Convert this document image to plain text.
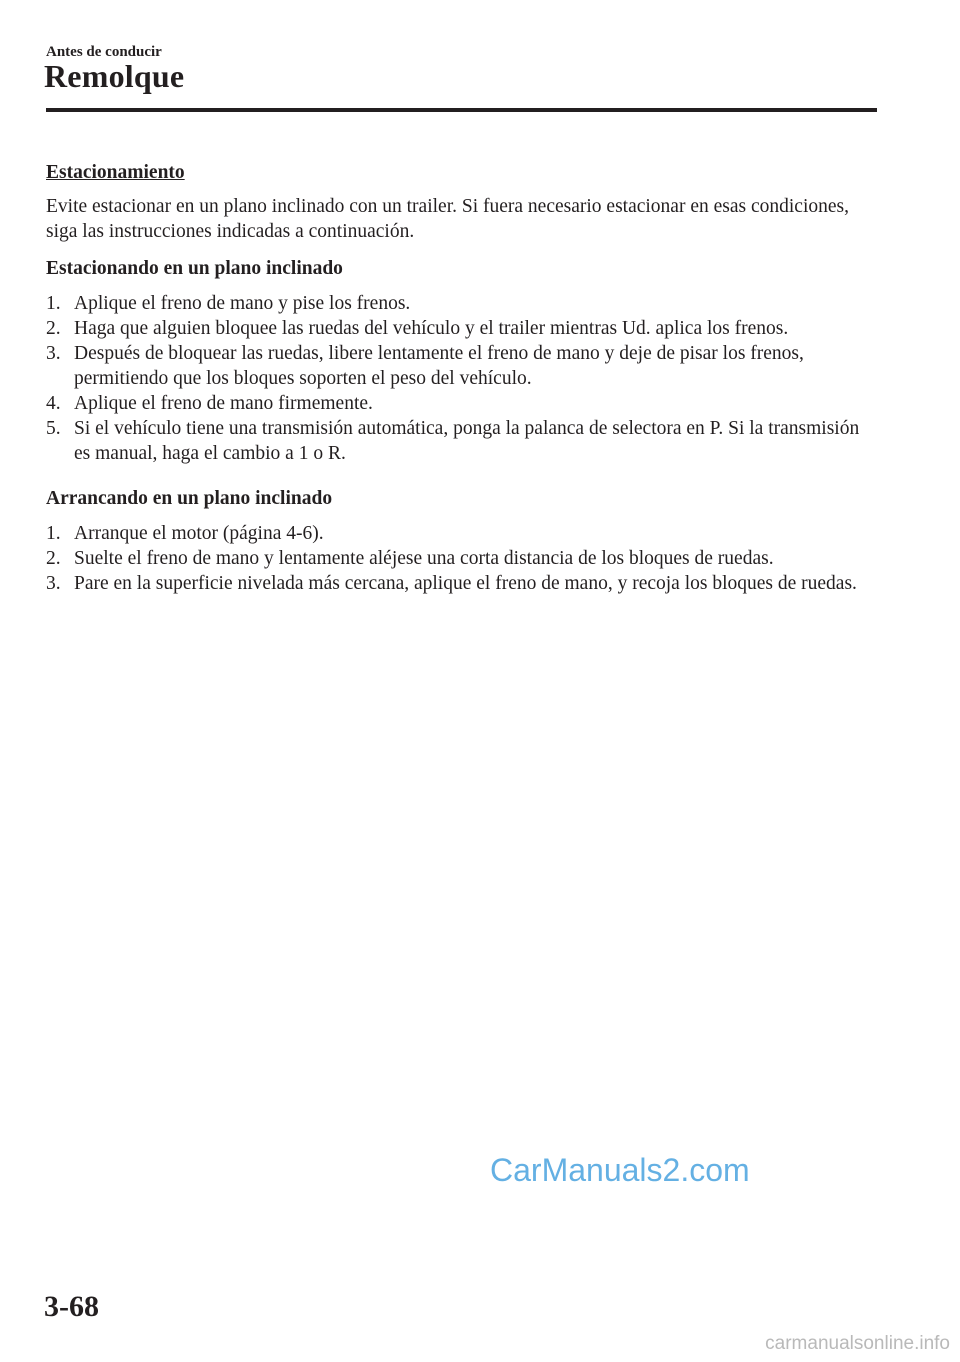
Antes de conducir
Remolque
Estacionamiento

Evite estacionar en un plano inclinado con un trailer. Si fuera necesario estacionar en esas condiciones, siga las instrucciones indicadas a continuación.

Estacionando en un plano inclinado
1. Aplique el freno de mano y pise los frenos.
2. Haga que alguien bloquee las ruedas del vehículo y el trailer mientras Ud. aplica los frenos.
3. Después de bloquear las ruedas, libere lentamente el freno de mano y deje de pisar los frenos, permitiendo que los bloques soporten el peso del vehículo.
4. Aplique el freno de mano firmemente.
5. Si el vehículo tiene una transmisión automática, ponga la palanca de selectora en P. Si la transmisión es manual, haga el cambio a 1 o R.
Arrancando en un plano inclinado
1. Arranque el motor (página 4-6).
2. Suelte el freno de mano y lentamente aléjese una corta distancia de los bloques de ruedas.
3. Pare en la superficie nivelada más cercana, aplique el freno de mano, y recoja los bloques de ruedas.
CarManuals2.com
3-68
carmanualsonline.info
